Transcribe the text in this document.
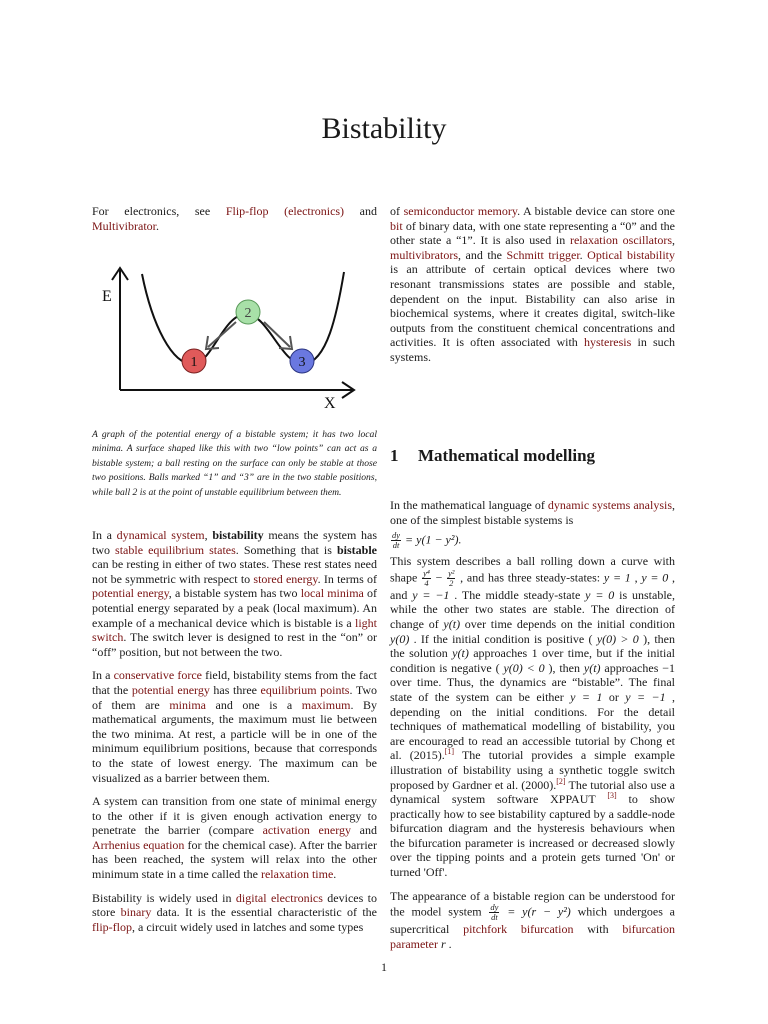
Bistability
1
2
3
E
X
A graph of the potential energy of a bistable system; it has two local minima. A surface shaped like this with two “low points” can act as a bistable system; a ball resting on the surface can only be stable at those two positions. Balls marked “1” and “3” are in the two stable positions, while ball 2 is at the point of unstable equilibrium between them.

For electronics, see Flip-flop (electronics) and Multivibrator.

In a dynamical system, bistability means the system has two stable equilibrium states. Something that is bistable can be resting in either of two states. These rest states need not be symmetric with respect to stored energy. In terms of potential energy, a bistable system has two local minima of potential energy separated by a peak (local maximum). An example of a mechanical device which is bistable is a light switch. The switch lever is designed to rest in the “on” or “off” position, but not between the two.

In a conservative force field, bistability stems from the fact that the potential energy has three equilibrium points. Two of them are minima and one is a maximum. By mathematical arguments, the maximum must lie between the two minima. At rest, a particle will be in one of the minimum equilibrium positions, because that corresponds to the state of lowest energy. The maximum can be visualized as a barrier between them.

A system can transition from one state of minimal energy to the other if it is given enough activation energy to penetrate the barrier (compare activation energy and Arrhenius equation for the chemical case). After the barrier has been reached, the system will relax into the other minimum state in a time called the relaxation time.

Bistability is widely used in digital electronics devices to store binary data. It is the essential characteristic of the flip-flop, a circuit widely used in latches and some types

of semiconductor memory. A bistable device can store one bit of binary data, with one state representing a “0” and the other state a “1”. It is also used in relaxation oscillators, multivibrators, and the Schmitt trigger. Optical bistability is an attribute of certain optical devices where two resonant transmissions states are possible and stable, dependent on the input. Bistability can also arise in biochemical systems, where it creates digital, switch-like outputs from the constituent chemical concentrations and activities. It is often associated with hysteresis in such systems.

1 Mathematical modelling

In the mathematical language of dynamic systems analysis, one of the simplest bistable systems is

$\frac{dy}{dt} = y(1 - y^2)$.

This system describes a ball rolling down a curve with shape $\frac{\text{y⁴}}{4} - \frac{\text{y²}}{2}$ , and has three steady-states: y = 1 , y = 0 , and y = −1 . The middle steady-state y = 0 is unstable, while the other two states are stable. The direction of change of y(t) over time depends on the initial condition y(0) . If the initial condition is positive ( y(0) > 0 ), then the solution y(t) approaches 1 over time, but if the initial condition is negative ( y(0) < 0 ), then y(t) approaches −1 over time. Thus, the dynamics are “bistable”. The final state of the system can be either y = 1 or y = −1 , depending on the initial conditions. For the detail techniques of mathematical modelling of bistability, you are encouraged to read an accessible tutorial by Chong et al. (2015).[1] The tutorial provides a simple example illustration of bistability using a synthetic toggle switch proposed by Gardner et al. (2000).[2] The tutorial also use a dynamical system software XPPAUT [3] to show practically how to see bistability captured by a saddle-node bifurcation diagram and the hysteresis behaviours when the bifurcation parameter is increased or decreased slowly over the tipping points and a protein gets turned 'On' or turned 'Off'.

The appearance of a bistable region can be understood for the model system $\frac{dy}{dt} = y(r - y^2)$ which undergoes a supercritical pitchfork bifurcation with bifurcation parameter r .

1
